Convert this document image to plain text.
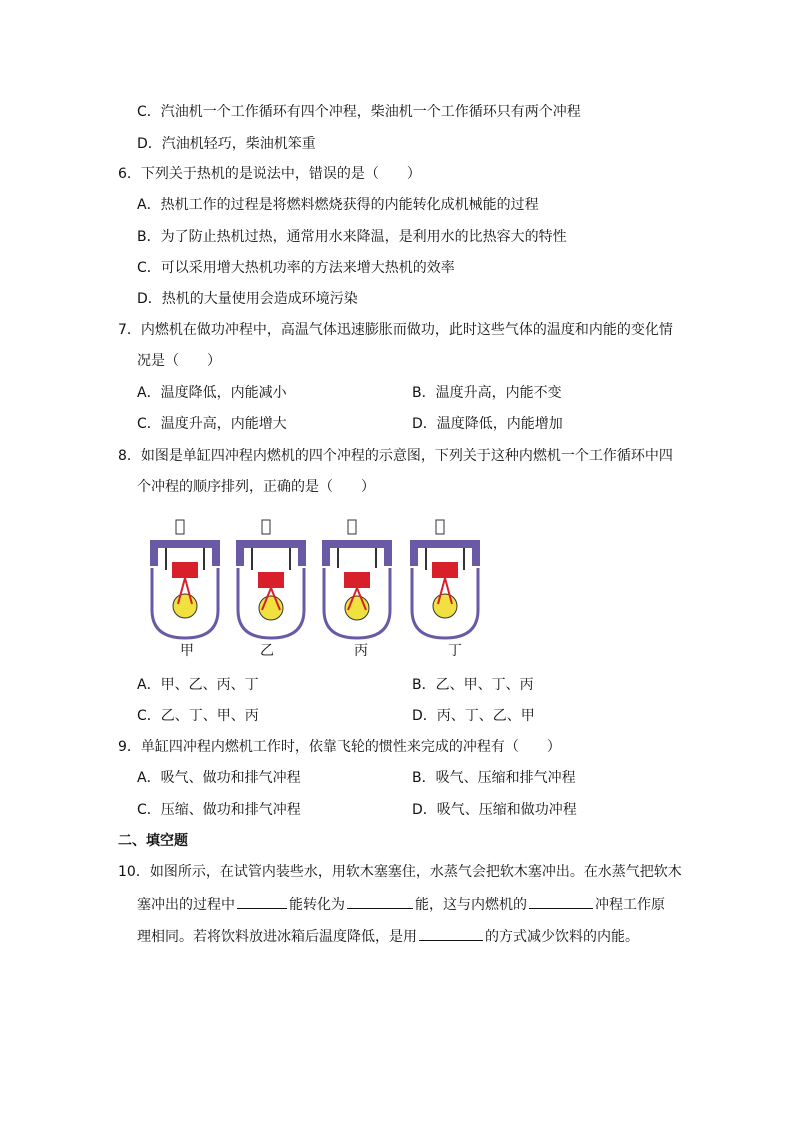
C．汽油机一个工作循环有四个冲程，柴油机一个工作循环只有两个冲程
D．汽油机轻巧，柴油机笨重
6．下列关于热机的是说法中，错误的是（　　）
A．热机工作的过程是将燃料燃烧获得的内能转化成机械能的过程
B．为了防止热机过热，通常用水来降温，是利用水的比热容大的特性
C．可以采用增大热机功率的方法来增大热机的效率
D．热机的大量使用会造成环境污染
7．内燃机在做功冲程中，高温气体迅速膨胀而做功，此时这些气体的温度和内能的变化情
况是（　　）
A．温度降低，内能减小	B．温度升高，内能不变
C．温度升高，内能增大	D．温度降低，内能增加
8．如图是单缸四冲程内燃机的四个冲程的示意图，下列关于这种内燃机一个工作循环中四
个冲程的顺序排列，正确的是（　　）
甲	乙	丙	丁
A．甲、乙、丙、丁	B．乙、甲、丁、丙
C．乙、丁、甲、丙	D．丙、丁、乙、甲
9．单缸四冲程内燃机工作时，依靠飞轮的惯性来完成的冲程有（　　）
A．吸气、做功和排气冲程	B．吸气、压缩和排气冲程
C．压缩、做功和排气冲程	D．吸气、压缩和做功冲程
二、填空题
10．如图所示，在试管内装些水，用软木塞塞住，水蒸气会把软木塞冲出。在水蒸气把软木
塞冲出的过程中	能转化为	能，这与内燃机的	冲程工作原
理相同。若将饮料放进冰箱后温度降低，是用	的方式减少饮料的内能。
